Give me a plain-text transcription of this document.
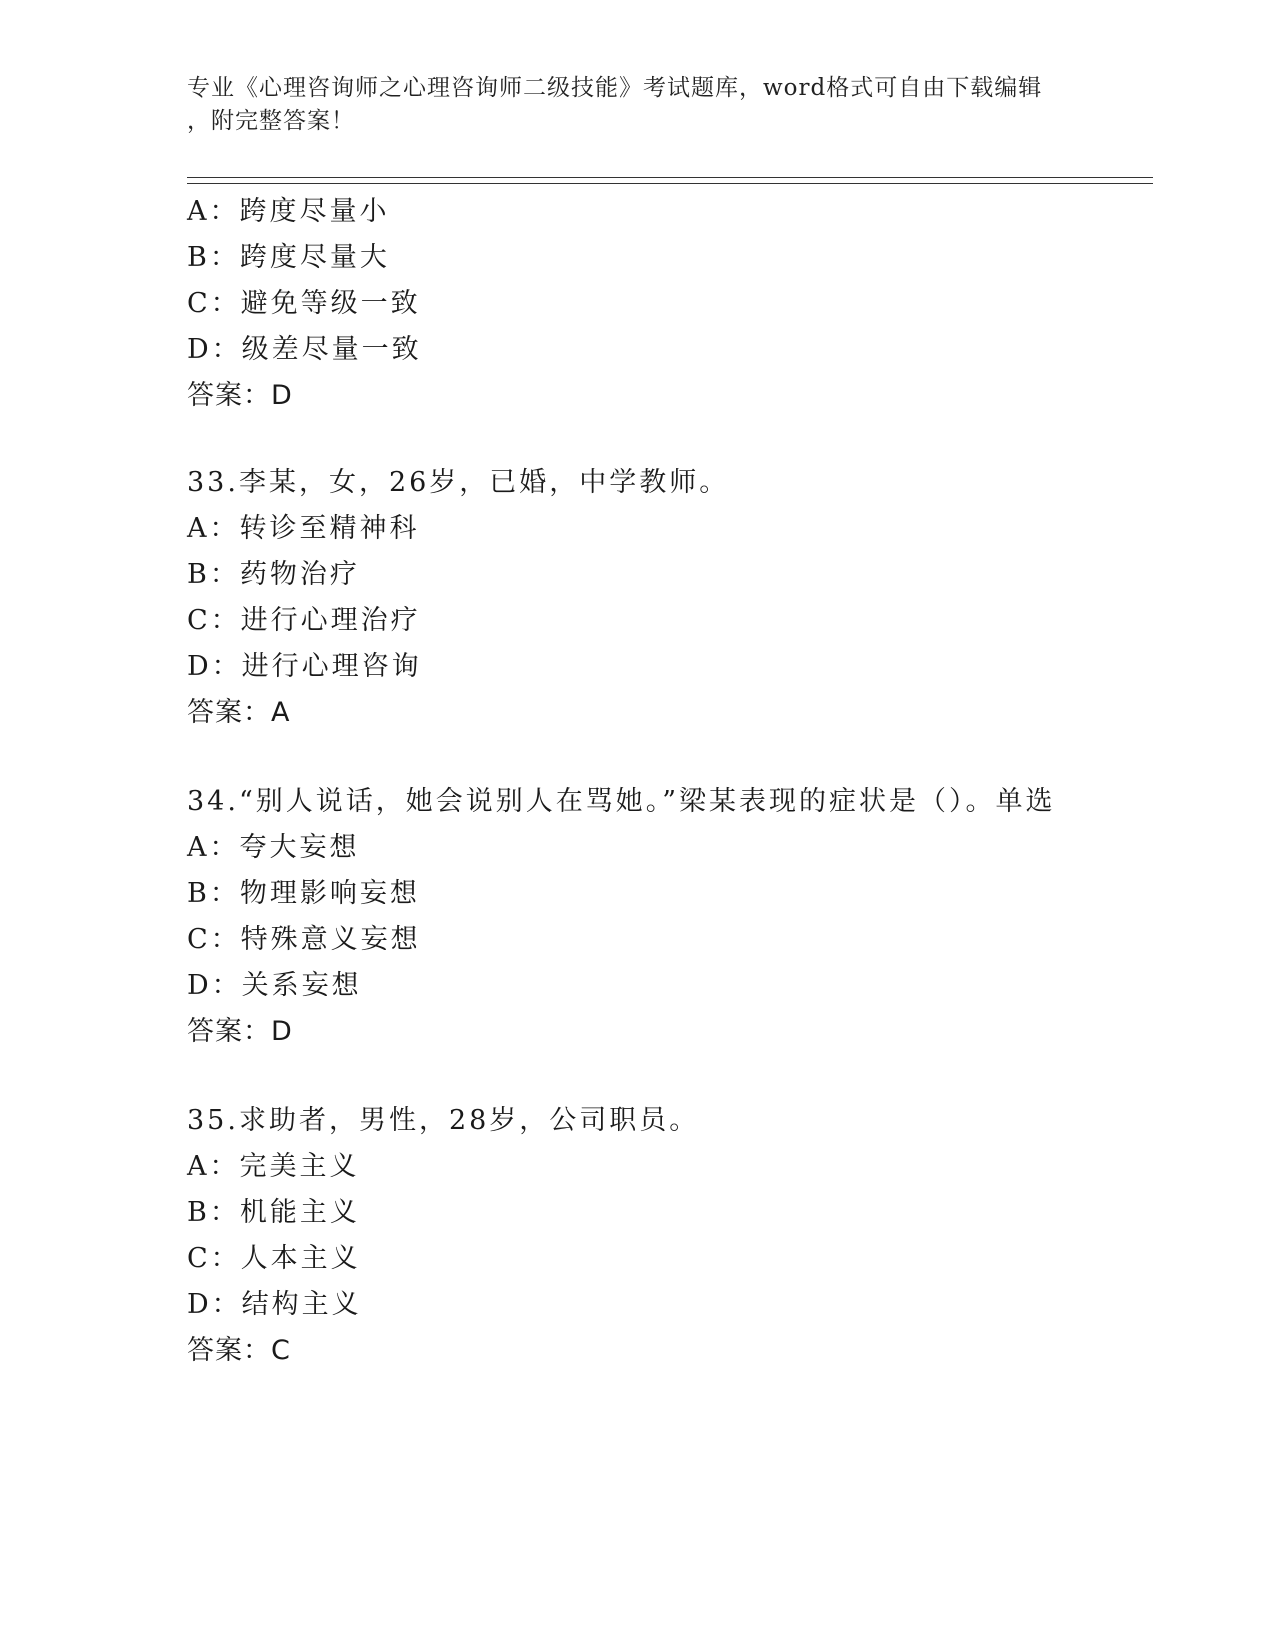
专业《心理咨询师之心理咨询师二级技能》考试题库，word格式可自由下载编辑
，附完整答案！
A：跨度尽量小
B：跨度尽量大
C：避免等级一致
D：级差尽量一致
答案：D
33.李某，女，26岁，已婚，中学教师。
A：转诊至精神科
B：药物治疗
C：进行心理治疗
D：进行心理咨询
答案：A
34.“别人说话，她会说别人在骂她。”梁某表现的症状是（）。单选
A：夸大妄想
B：物理影响妄想
C：特殊意义妄想
D：关系妄想
答案：D
35.求助者，男性，28岁，公司职员。
A：完美主义
B：机能主义
C：人本主义
D：结构主义
答案：C
